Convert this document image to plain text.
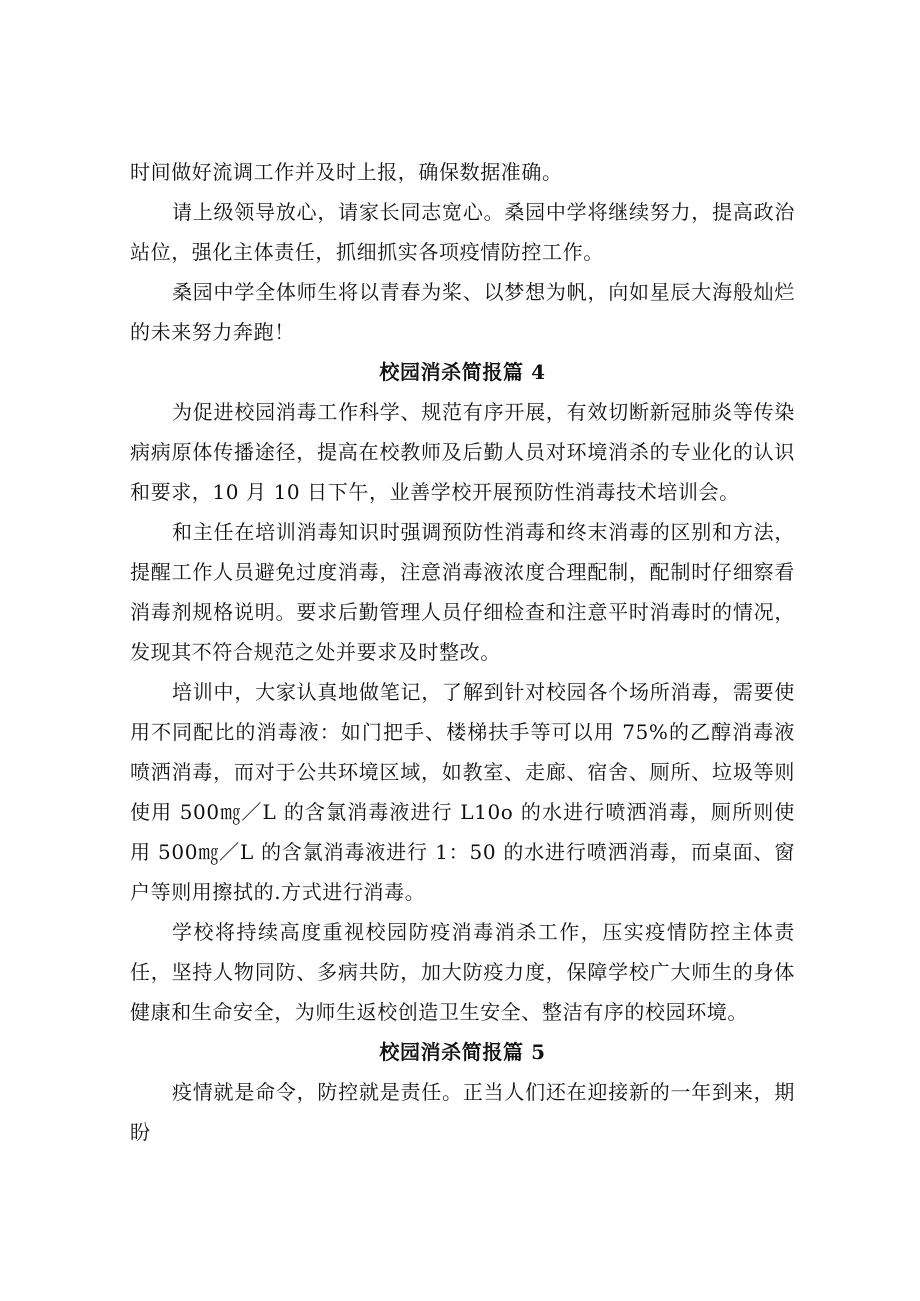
时间做好流调工作并及时上报，确保数据准确。

请上级领导放心，请家长同志宽心。桑园中学将继续努力，提高政治站位，强化主体责任，抓细抓实各项疫情防控工作。

桑园中学全体师生将以青春为桨、以梦想为帆，向如星辰大海般灿烂的未来努力奔跑！

校园消杀简报篇 4

为促进校园消毒工作科学、规范有序开展，有效切断新冠肺炎等传染病病原体传播途径，提高在校教师及后勤人员对环境消杀的专业化的认识和要求，10 月 10 日下午，业善学校开展预防性消毒技术培训会。

和主任在培训消毒知识时强调预防性消毒和终末消毒的区别和方法，提醒工作人员避免过度消毒，注意消毒液浓度合理配制，配制时仔细察看消毒剂规格说明。要求后勤管理人员仔细检查和注意平时消毒时的情况，发现其不符合规范之处并要求及时整改。

培训中，大家认真地做笔记，了解到针对校园各个场所消毒，需要使用不同配比的消毒液：如门把手、楼梯扶手等可以用 75%的乙醇消毒液喷洒消毒，而对于公共环境区域，如教室、走廊、宿舍、厕所、垃圾等则使用 500㎎／L 的含氯消毒液进行 L10o 的水进行喷洒消毒，厕所则使用 500㎎／L 的含氯消毒液进行 1：50 的水进行喷洒消毒，而桌面、窗户等则用擦拭的.方式进行消毒。

学校将持续高度重视校园防疫消毒消杀工作，压实疫情防控主体责任，坚持人物同防、多病共防，加大防疫力度，保障学校广大师生的身体健康和生命安全，为师生返校创造卫生安全、整洁有序的校园环境。

校园消杀简报篇 5

疫情就是命令，防控就是责任。正当人们还在迎接新的一年到来，期盼
